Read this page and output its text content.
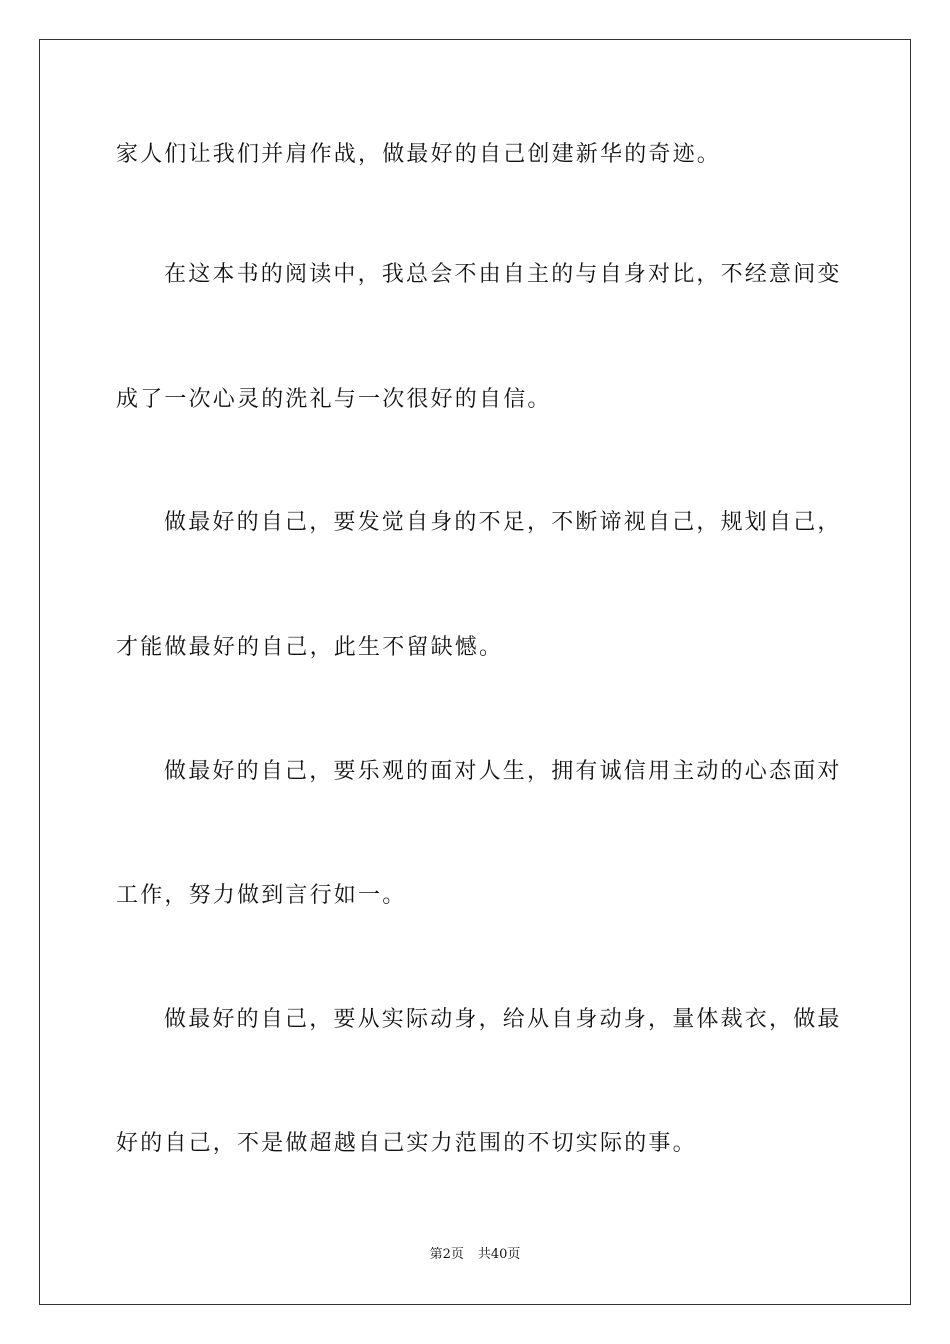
家人们让我们并肩作战，做最好的自己创建新华的奇迹。
在这本书的阅读中，我总会不由自主的与自身对比，不经意间变
成了一次心灵的洗礼与一次很好的自信。
做最好的自己，要发觉自身的不足，不断谛视自己，规划自己，
才能做最好的自己，此生不留缺憾。
做最好的自己，要乐观的面对人生，拥有诚信用主动的心态面对
工作，努力做到言行如一。
做最好的自己，要从实际动身，给从自身动身，量体裁衣，做最
好的自己，不是做超越自己实力范围的不切实际的事。
第2页 共40页
